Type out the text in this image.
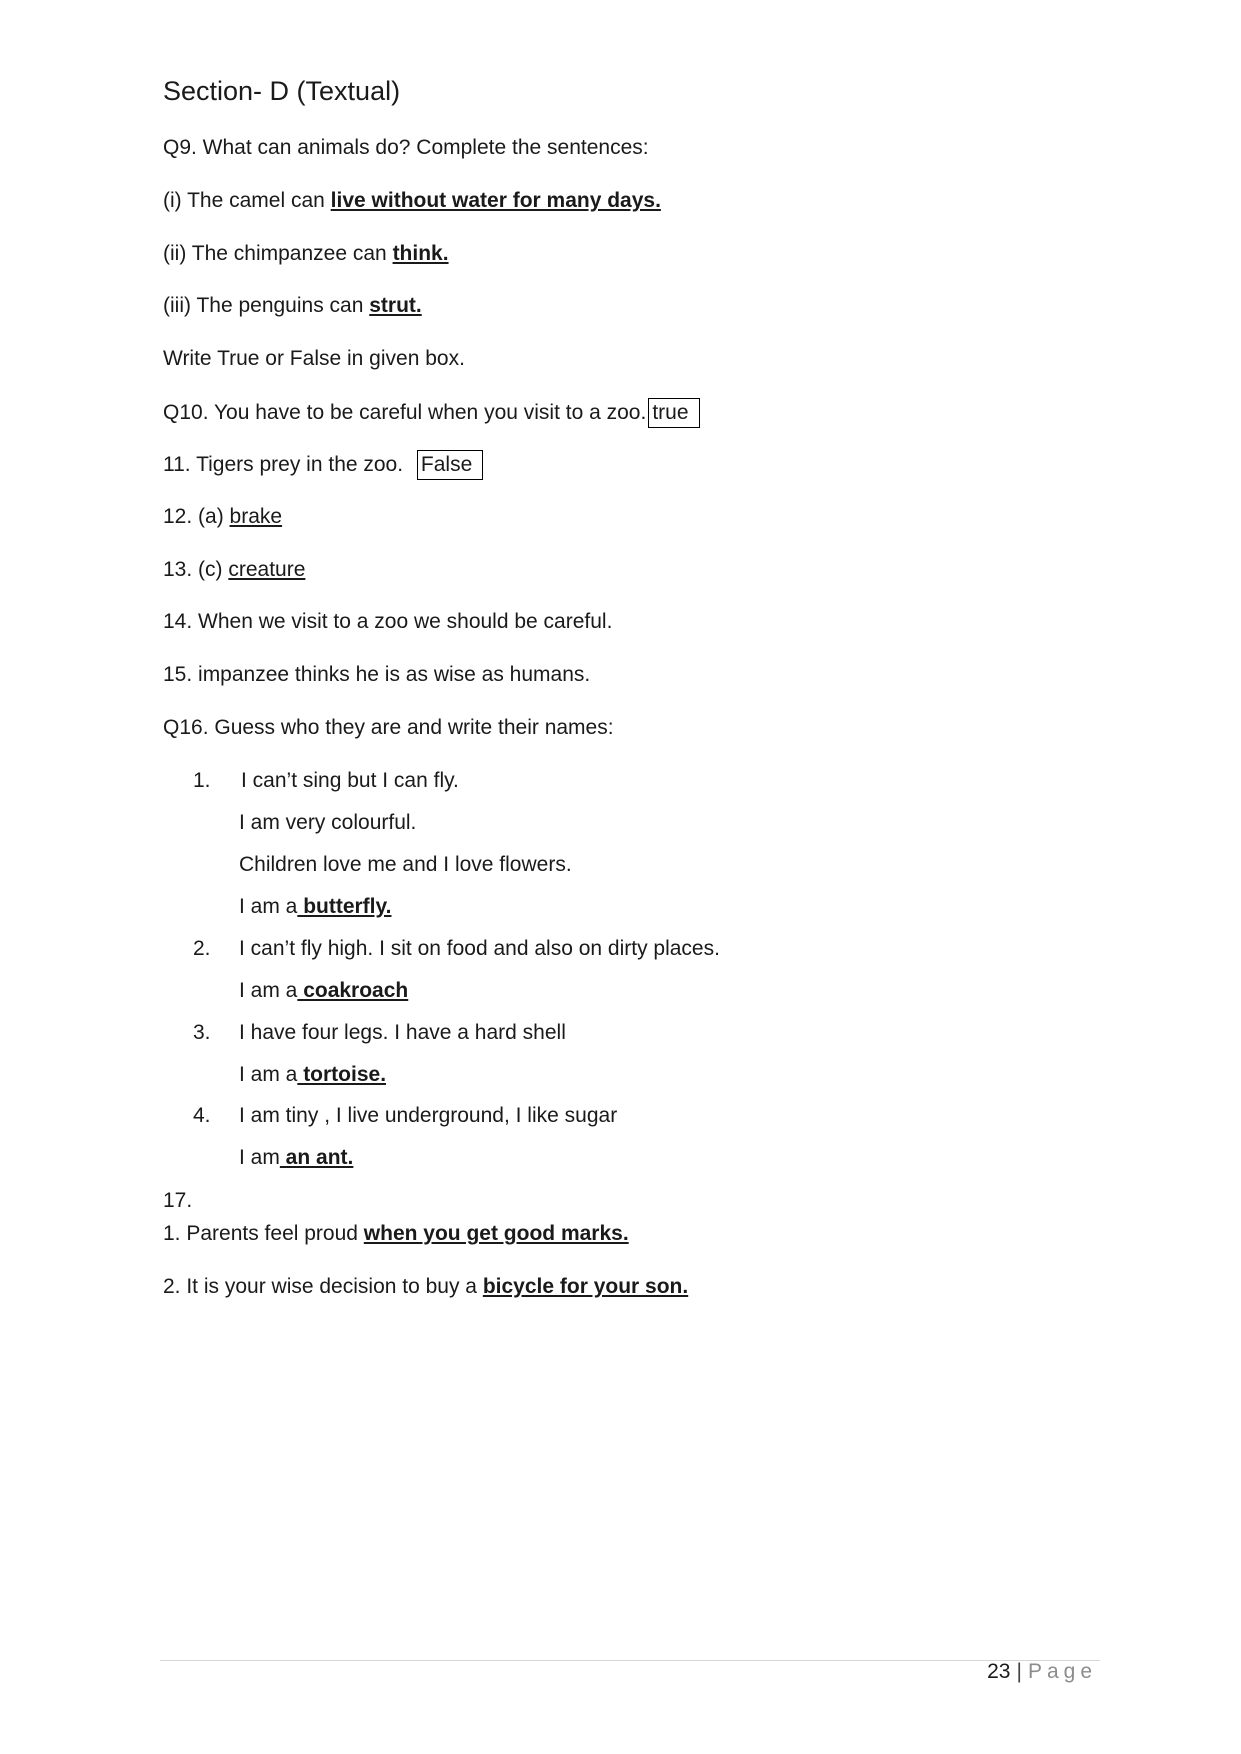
Section- D (Textual)
Q9. What can animals do? Complete the sentences:
(i) The camel can live without water for many days.
(ii) The chimpanzee can think.
(iii) The penguins can strut.
Write True or False in given box.
Q10. You have to be careful when you visit to a zoo. true
11. Tigers prey in the zoo. False
12. (a) brake
13. (c) creature
14. When we visit to a zoo we should be careful.
15. impanzee thinks he is as wise as humans.
Q16. Guess who they are and write their names:
1. I can’t sing but I can fly.
I am very colourful.
Children love me and I love flowers.
I am a butterfly.
2. I can’t fly high. I sit on food and also on dirty places.
I am a coakroach
3. I have four legs. I have a hard shell
I am a tortoise.
4. I am tiny , I live underground, I like sugar
I am an ant.
17.
1. Parents feel proud when you get good marks.
2. It is your wise decision to buy a bicycle for your son.
23 | Page
